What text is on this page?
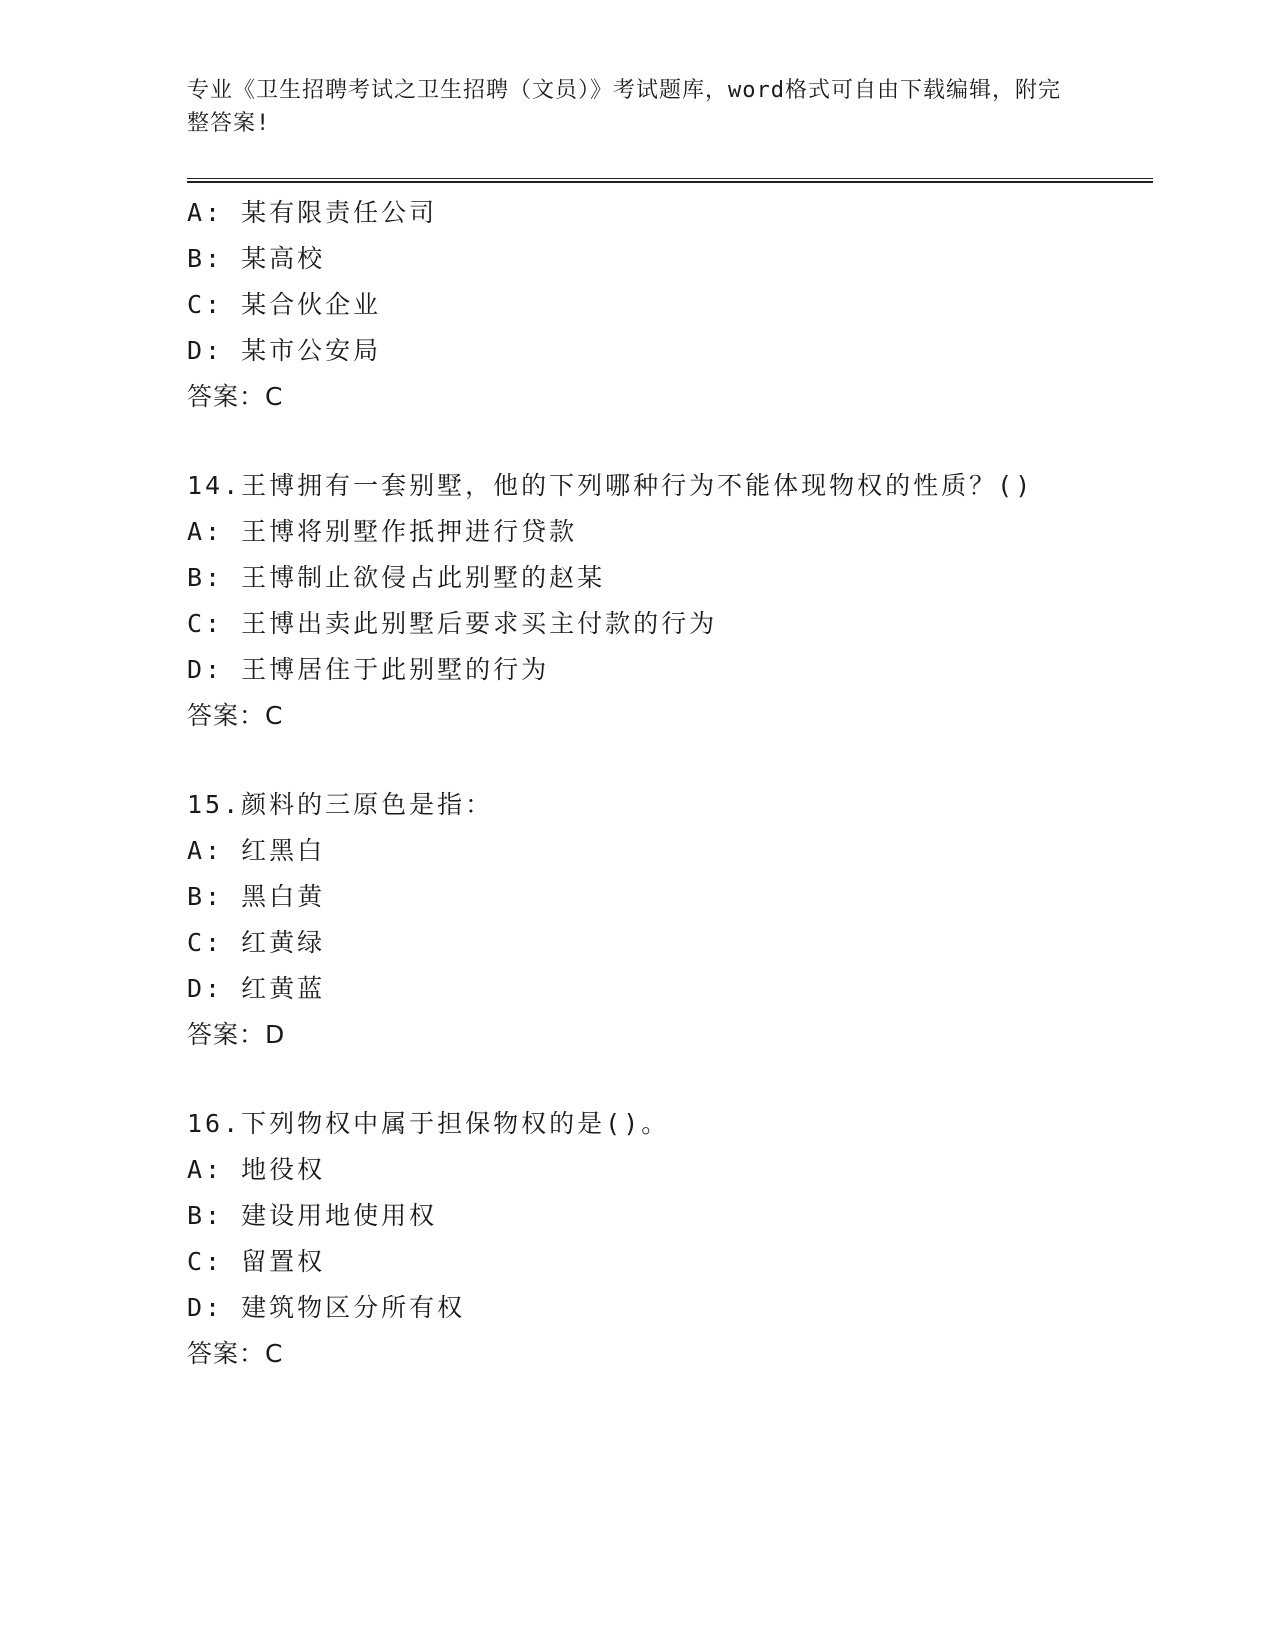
专业《卫生招聘考试之卫生招聘（文员）》考试题库，word格式可自由下载编辑，附完整答案!
A: 某有限责任公司
B: 某高校
C: 某合伙企业
D: 某市公安局
答案：C
14.王博拥有一套别墅，他的下列哪种行为不能体现物权的性质？()
A: 王博将别墅作抵押进行贷款
B: 王博制止欲侵占此别墅的赵某
C: 王博出卖此别墅后要求买主付款的行为
D: 王博居住于此别墅的行为
答案：C
15.颜料的三原色是指：
A: 红黑白
B: 黑白黄
C: 红黄绿
D: 红黄蓝
答案：D
16.下列物权中属于担保物权的是()。
A: 地役权
B: 建设用地使用权
C: 留置权
D: 建筑物区分所有权
答案：C
